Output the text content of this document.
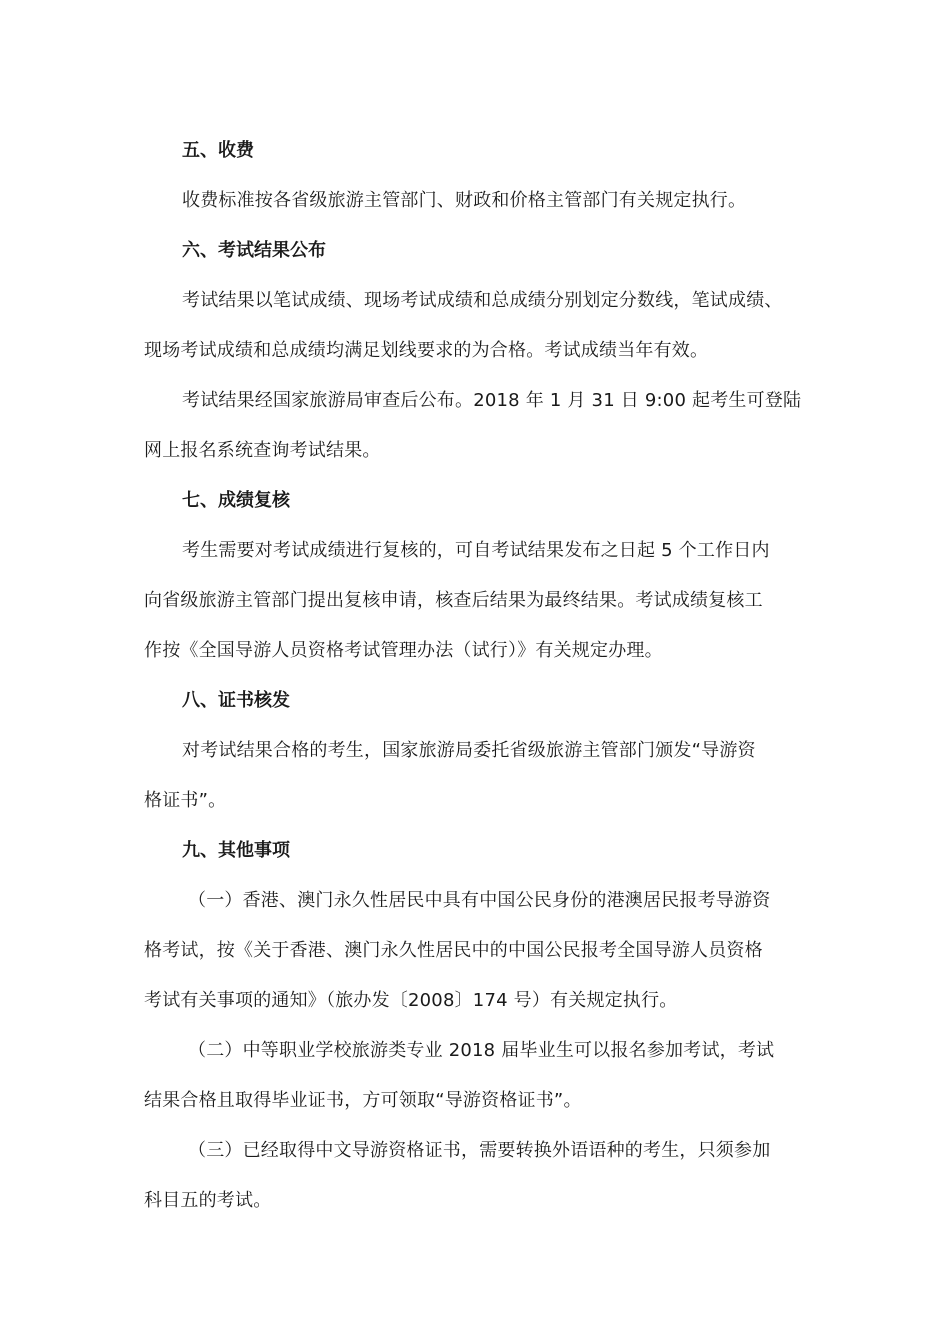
五、收费

收费标准按各省级旅游主管部门、财政和价格主管部门有关规定执行。

六、考试结果公布

考试结果以笔试成绩、现场考试成绩和总成绩分别划定分数线，笔试成绩、
现场考试成绩和总成绩均满足划线要求的为合格。考试成绩当年有效。

考试结果经国家旅游局审查后公布。2018 年 1 月 31 日 9:00 起考生可登陆
网上报名系统查询考试结果。

七、成绩复核

考生需要对考试成绩进行复核的，可自考试结果发布之日起 5 个工作日内
向省级旅游主管部门提出复核申请，核查后结果为最终结果。考试成绩复核工
作按《全国导游人员资格考试管理办法（试行）》有关规定办理。

八、证书核发

对考试结果合格的考生，国家旅游局委托省级旅游主管部门颁发“导游资
格证书”。

九、其他事项

（一）香港、澳门永久性居民中具有中国公民身份的港澳居民报考导游资
格考试，按《关于香港、澳门永久性居民中的中国公民报考全国导游人员资格
考试有关事项的通知》（旅办发〔2008〕174 号）有关规定执行。

（二）中等职业学校旅游类专业 2018 届毕业生可以报名参加考试，考试
结果合格且取得毕业证书，方可领取“导游资格证书”。

（三）已经取得中文导游资格证书，需要转换外语语种的考生，只须参加
科目五的考试。
